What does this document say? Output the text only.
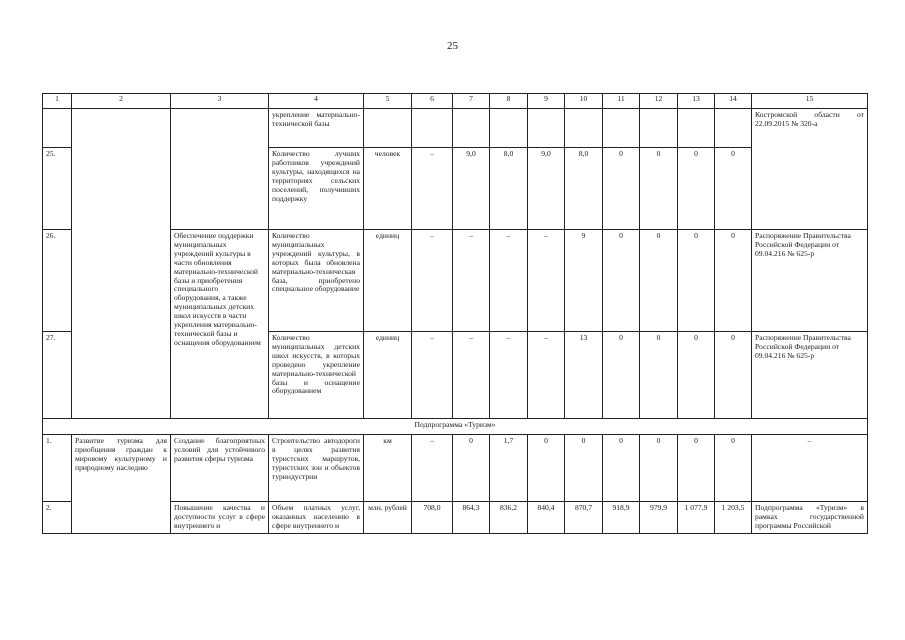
25
1	2	3	4	5	6	7	8	9	10	11	12	13	14	15
			укрепление материально-технической базы											Костромской области от 22.09.2015 № 320-а
25.			Количество лучших работников учреждений культуры, находящихся на территориях сельских поселений, получивших поддержку	человек	–	9,0	8,0	9,0	8,0	0	0	0	0	
26.		Обеспечение поддержки муниципальных учреждений культуры в части обновления материально-технической базы и приобретения специального оборудования, а также муниципальных детских школ искусств в части укрепления материально-технической базы и оснащения оборудованием	Количество муниципальных учреждений культуры, в которых была обновлена материально-техническая база, приобретено специальное оборудование	единиц	–	–	–	–	9	0	0	0	0	Распоряжение Правительства Российской Федерации от 09.04.216 № 625-р
27.			Количество муниципальных детских школ искусств, в которых проведено укрепление материально-технической базы и оснащение оборудованием	единиц	–	–	–	–	13	0	0	0	0	Распоряжение Правительства Российской Федерации от 09.04.216 № 625-р
Подпрограмма «Туризм»														
1.	Развитие туризма для приобщения граждан к мировому культурному и природному наследию	Создание благоприятных условий для устойчивого развития сферы туризма	Строительство автодороги в целях развития туристских маршрутов, туристских зон и объектов туриндустрии	км	–	0	1,7	0	0	0	0	0	0	–
2.		Повышение качества и доступности услуг в сфере внутреннего и	Объем платных услуг, оказанных населению в сфере внутреннего и	млн. рублей	708,0	864,3	836,2	840,4	870,7	918,9	979,9	1 077,9	1 203,5	Подпрограмма «Туризм» в рамках государственной программы Российской
